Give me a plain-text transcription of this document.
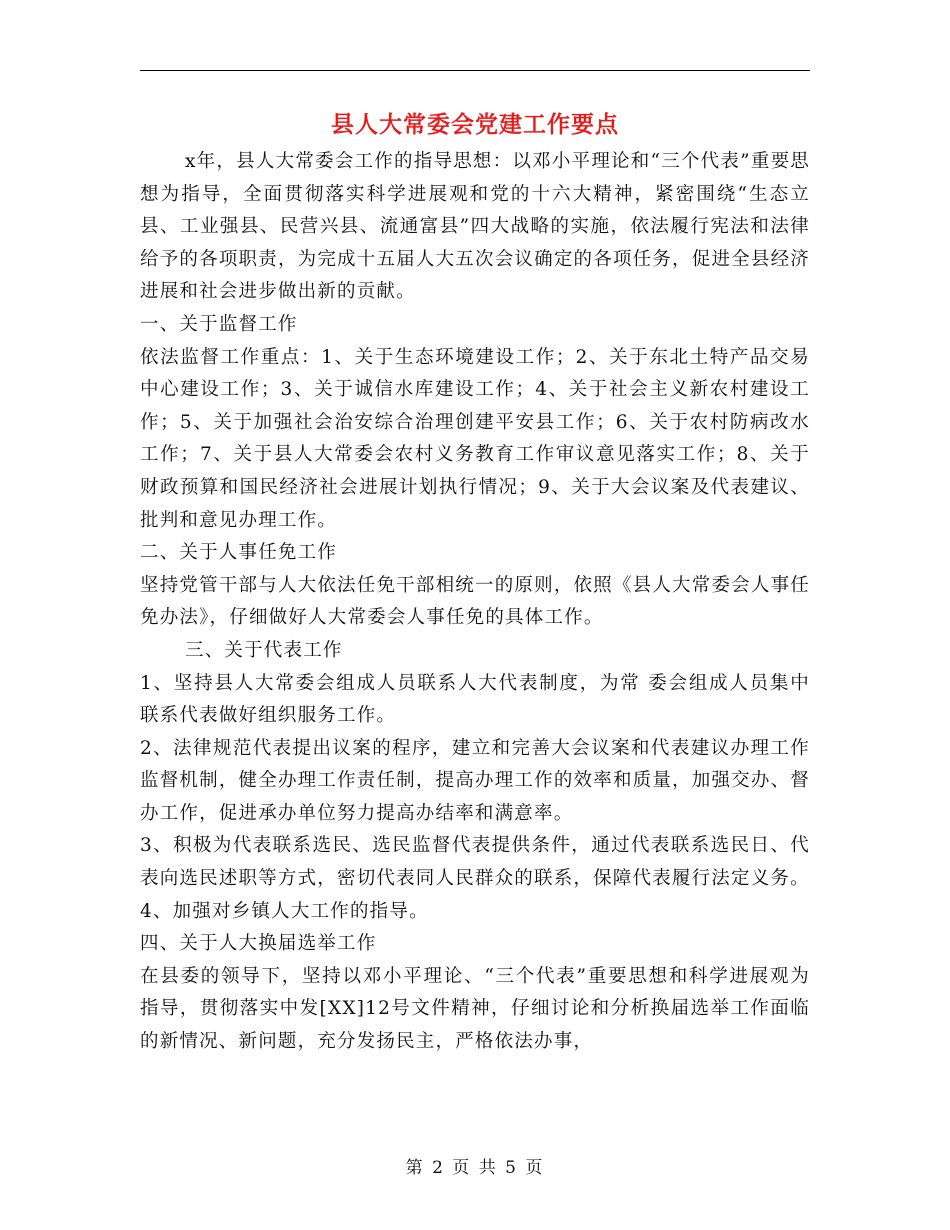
县人大常委会党建工作要点

x年，县人大常委会工作的指导思想：以邓小平理论和“三个代表”重要思想为指导，全面贯彻落实科学进展观和党的十六大精神，紧密围绕“生态立县、工业强县、民营兴县、流通富县”四大战略的实施，依法履行宪法和法律给予的各项职责，为完成十五届人大五次会议确定的各项任务，促进全县经济进展和社会进步做出新的贡献。

一、关于监督工作

依法监督工作重点：1、关于生态环境建设工作；2、关于东北土特产品交易中心建设工作；3、关于诚信水库建设工作；4、关于社会主义新农村建设工作；5、关于加强社会治安综合治理创建平安县工作；6、关于农村防病改水工作；7、关于县人大常委会农村义务教育工作审议意见落实工作；8、关于财政预算和国民经济社会进展计划执行情况；9、关于大会议案及代表建议、批判和意见办理工作。

二、关于人事任免工作

坚持党管干部与人大依法任免干部相统一的原则，依照《县人大常委会人事任免办法》，仔细做好人大常委会人事任免的具体工作。

三、关于代表工作

1、坚持县人大常委会组成人员联系人大代表制度，为常 委会组成人员集中联系代表做好组织服务工作。

2、法律规范代表提出议案的程序，建立和完善大会议案和代表建议办理工作监督机制，健全办理工作责任制，提高办理工作的效率和质量，加强交办、督办工作，促进承办单位努力提高办结率和满意率。

3、积极为代表联系选民、选民监督代表提供条件，通过代表联系选民日、代表向选民述职等方式，密切代表同人民群众的联系，保障代表履行法定义务。

4、加强对乡镇人大工作的指导。

四、关于人大换届选举工作

在县委的领导下，坚持以邓小平理论、“三个代表”重要思想和科学进展观为指导，贯彻落实中发[XX]12号文件精神，仔细讨论和分析换届选举工作面临的新情况、新问题，充分发扬民主，严格依法办事，

第 2 页 共 5 页
